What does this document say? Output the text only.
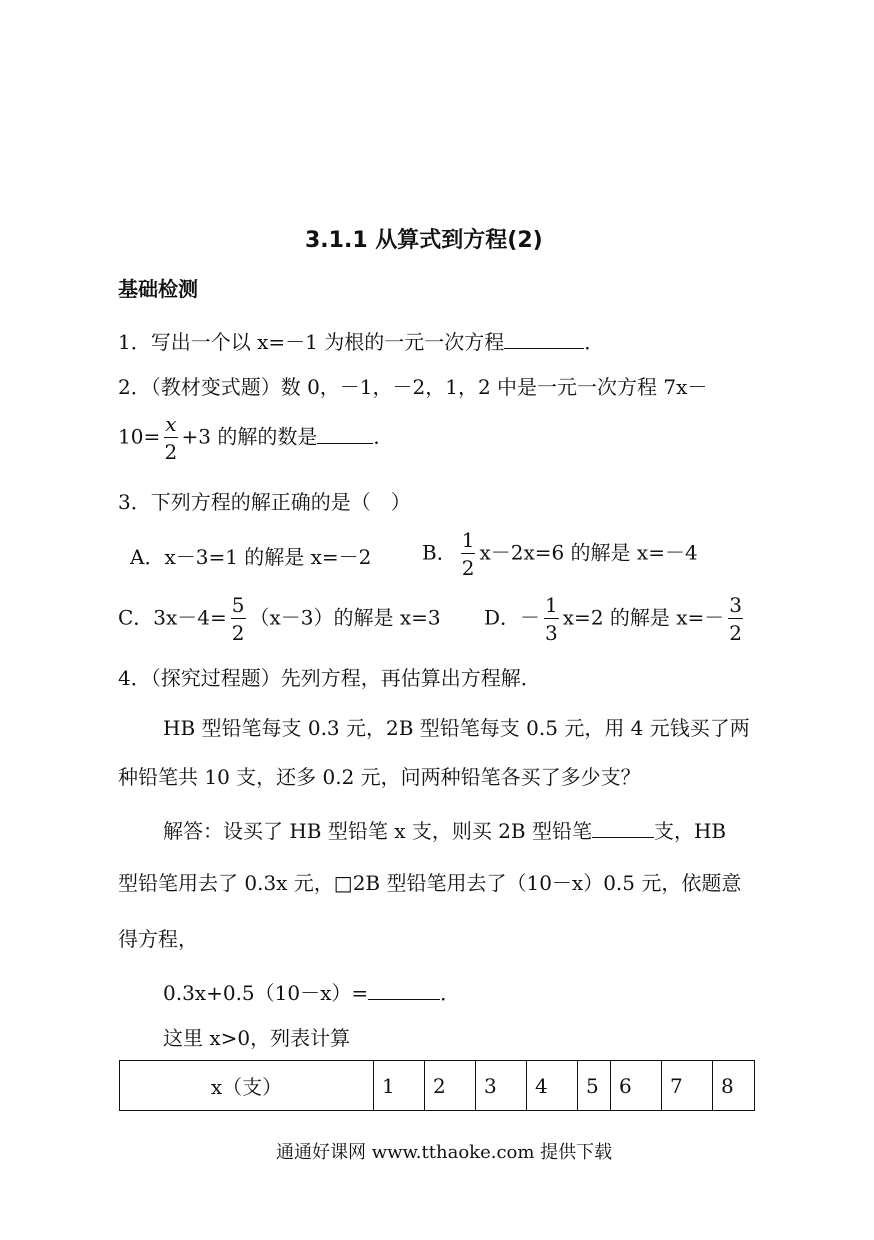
3.1.1 从算式到方程(2)
基础检测
1．写出一个以 x=－1 为根的一元一次方程	．
2．（教材变式题）数 0，－1，－2，1，2 中是一元一次方程 7x－
$10= \frac{x}{2} +3$ 的解的数是	．
3．下列方程的解正确的是（　）
A．x－3=1 的解是 x=－2	B． $\frac{1}{2} x-2x=6$ 的解是 x=－4
C．$3x-4= \frac{5}{2} (x-3)$的解是 x=3 D．－ $\frac{1}{3} x=2$ 的解是 $x=- \frac{3}{2}$
4．（探究过程题）先列方程，再估算出方程解．
HB 型铅笔每支 0.3 元，2B 型铅笔每支 0.5 元，用 4 元钱买了两
种铅笔共 10 支，还多 0.2 元，问两种铅笔各买了多少支？
解答：设买了 HB 型铅笔 x 支，则买 2B 型铅笔	支，HB
型铅笔用去了 0.3x 元，□2B 型铅笔用去了（10－x）0.5 元，依题意
得方程，
0.3x+0.5（10－x）=	．
这里 x>0，列表计算
x（支）	1	2	3	4	5	6	7	8
通通好课网 www.tthaoke.com 提供下载
